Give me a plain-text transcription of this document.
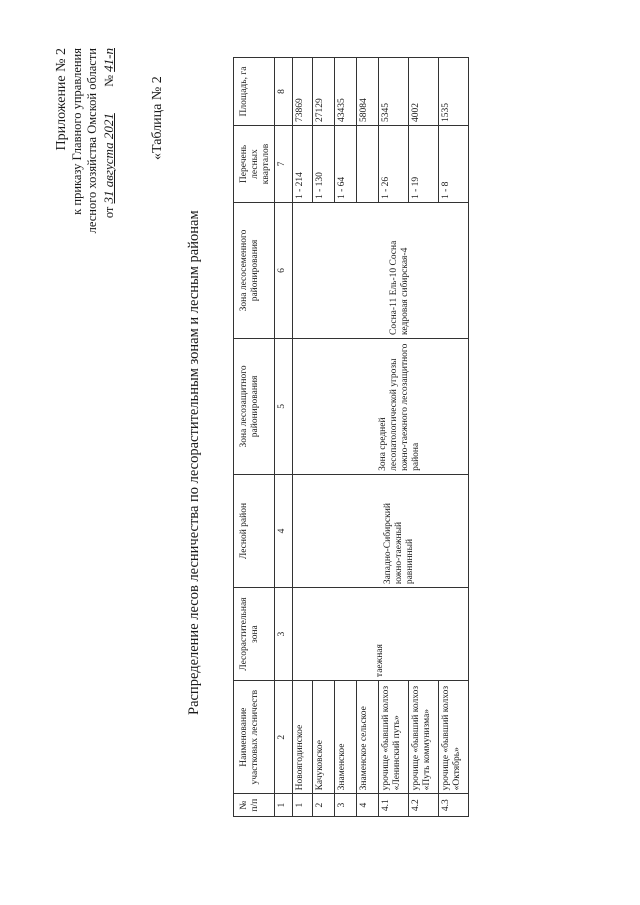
Приложение № 2 к приказу Главного управления лесного хозяйства Омской области от 31 августа 2021  № 41-п
«Таблица № 2
Распределение лесов лесничества по лесорастительным зонам и лесным районам
№ п/п	Наименование участковых лесничеств	Лесорастительная зона	Лесной район	Зона лесозащитного районирования	Зона лесосеменного районирования	Перечень лесных кварталов	Площадь, га
1	2	3	4	5	6	7	8
1	Новоягодинское	таежная	Западно-Сибирский южно-таежный равнинный	Зона средней лесопатологической угрозы южно-таежного лесозащитного района	Сосна-11 Ель-10 Сосна кедровая сибирская-4	1 - 214	73869
2	Качуковское					1 - 130	27129
3	Знаменское					1 - 64	43435
4	Знаменское сельское						58084
4.1	урочище «бывший колхоз «Ленинский путь»					1 - 26	5345
4.2	урочище «бывший колхоз «Путь коммунизма»					1 - 19	4002
4.3	урочище «бывший колхоз «Октябрь»					1 - 8	1535
